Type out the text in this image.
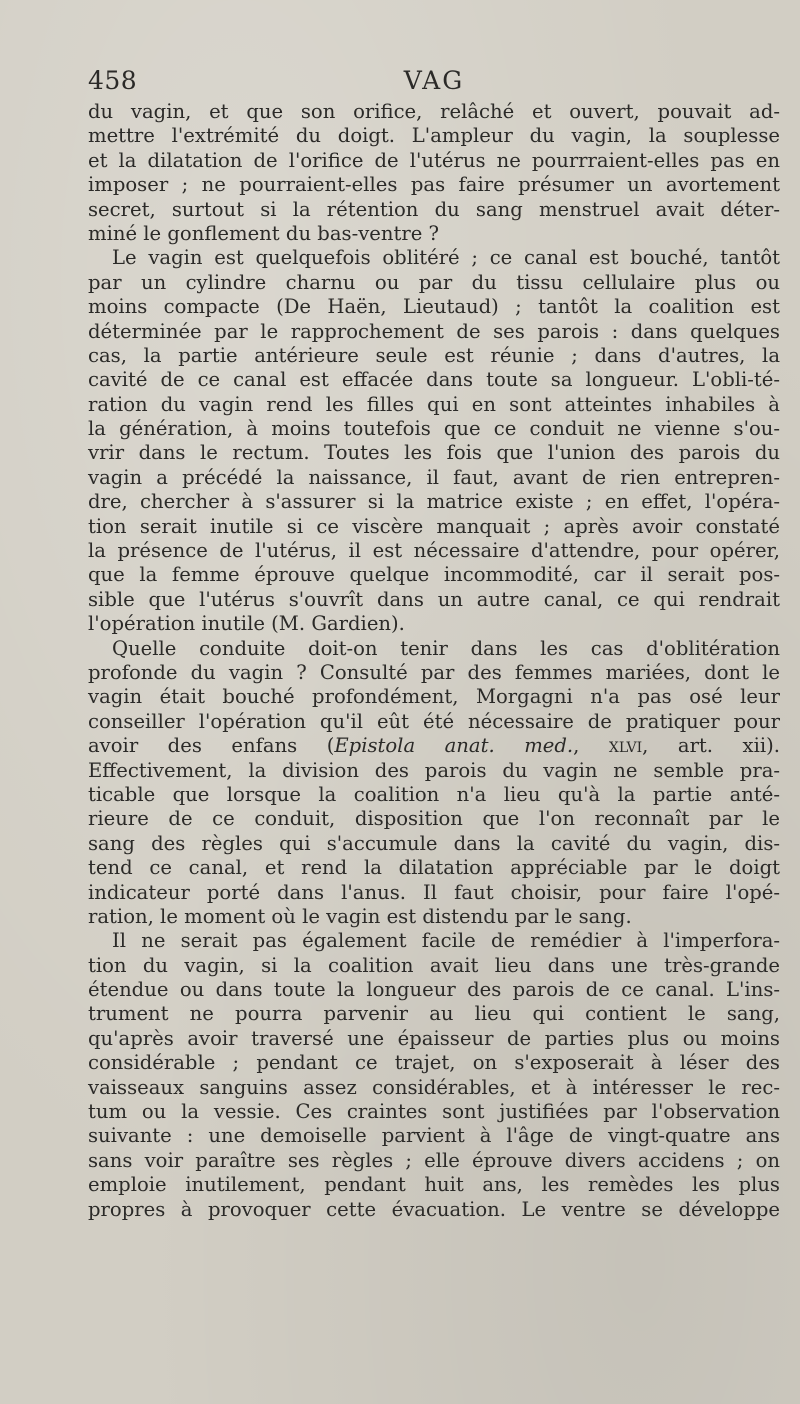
458	VAG
du vagin, et que son orifice, relâché et ouvert, pouvait ad-
mettre l'extrémité du doigt. L'ampleur du vagin, la souplesse
et la dilatation de l'orifice de l'utérus ne pourrraient-elles pas en
imposer ; ne pourraient-elles pas faire présumer un avortement
secret, surtout si la rétention du sang menstruel avait déter-
miné le gonflement du bas-ventre ?
Le vagin est quelquefois oblitéré ; ce canal est bouché, tantôt
par un cylindre charnu ou par du tissu cellulaire plus ou
moins compacte (De Haën, Lieutaud) ; tantôt la coalition est
déterminée par le rapprochement de ses parois : dans quelques
cas, la partie antérieure seule est réunie ; dans d'autres, la
cavité de ce canal est effacée dans toute sa longueur. L'obli-té-
ration du vagin rend les filles qui en sont atteintes inhabiles à
la génération, à moins toutefois que ce conduit ne vienne s'ou-
vrir dans le rectum. Toutes les fois que l'union des parois du
vagin a précédé la naissance, il faut, avant de rien entrepren-
dre, chercher à s'assurer si la matrice existe ; en effet, l'opéra-
tion serait inutile si ce viscère manquait ; après avoir constaté
la présence de l'utérus, il est nécessaire d'attendre, pour opérer,
que la femme éprouve quelque incommodité, car il serait pos-
sible que l'utérus s'ouvrît dans un autre canal, ce qui rendrait
l'opération inutile (M. Gardien).
Quelle conduite doit-on tenir dans les cas d'oblitération
profonde du vagin ? Consulté par des femmes mariées, dont le
vagin était bouché profondément, Morgagni n'a pas osé leur
conseiller l'opération qu'il eût été nécessaire de pratiquer pour
avoir des enfans (Epistola anat. med., xlvi, art. xii).
Effectivement, la division des parois du vagin ne semble pra-
ticable que lorsque la coalition n'a lieu qu'à la partie anté-
rieure de ce conduit, disposition que l'on reconnaît par le
sang des règles qui s'accumule dans la cavité du vagin, dis-
tend ce canal, et rend la dilatation appréciable par le doigt
indicateur porté dans l'anus. Il faut choisir, pour faire l'opé-
ration, le moment où le vagin est distendu par le sang.
Il ne serait pas également facile de remédier à l'imperfora-
tion du vagin, si la coalition avait lieu dans une très-grande
étendue ou dans toute la longueur des parois de ce canal. L'ins-
trument ne pourra parvenir au lieu qui contient le sang,
qu'après avoir traversé une épaisseur de parties plus ou moins
considérable ; pendant ce trajet, on s'exposerait à léser des
vaisseaux sanguins assez considérables, et à intéresser le rec-
tum ou la vessie. Ces craintes sont justifiées par l'observation
suivante : une demoiselle parvient à l'âge de vingt-quatre ans
sans voir paraître ses règles ; elle éprouve divers accidens ; on
emploie inutilement, pendant huit ans, les remèdes les plus
propres à provoquer cette évacuation. Le ventre se développe
